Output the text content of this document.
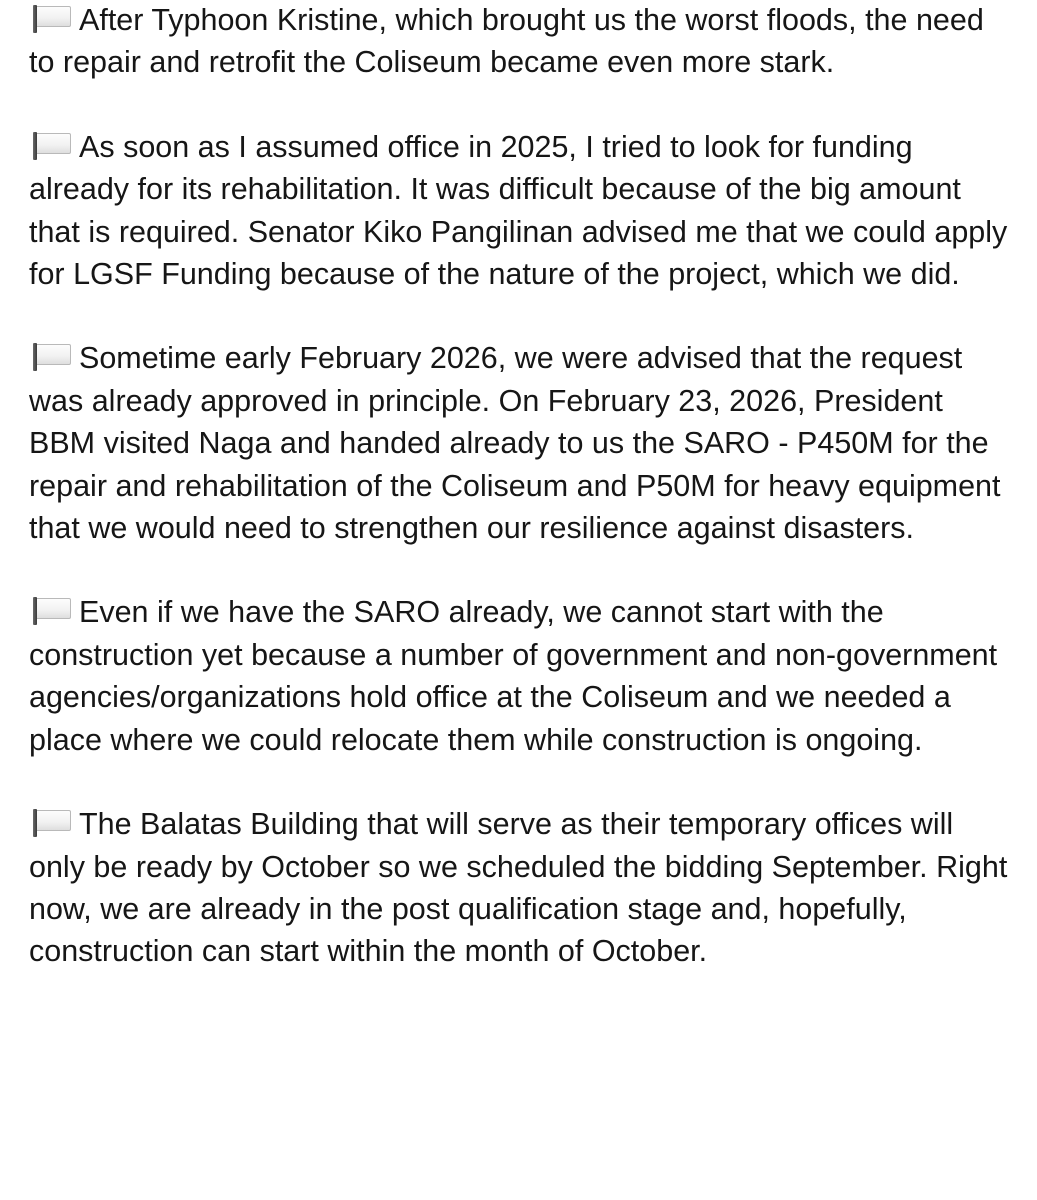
After Typhoon Kristine, which brought us the worst floods, the need to repair and retrofit the Coliseum became even more stark.

As soon as I assumed office in 2025, I tried to look for funding already for its rehabilitation. It was difficult because of the big amount that is required. Senator Kiko Pangilinan advised me that we could apply for LGSF Funding because of the nature of the project, which we did.

Sometime early February 2026, we were advised that the request was already approved in principle. On February 23, 2026, President BBM visited Naga and handed already to us the SARO - P450M for the repair and rehabilitation of the Coliseum and P50M for heavy equipment that we would need to strengthen our resilience against disasters.

Even if we have the SARO already, we cannot start with the construction yet because a number of government and non-government agencies/organizations hold office at the Coliseum and we needed a place where we could relocate them while construction is ongoing.

The Balatas Building that will serve as their temporary offices will only be ready by October so we scheduled the bidding September. Right now, we are already in the post qualification stage and, hopefully, construction can start within the month of October.
